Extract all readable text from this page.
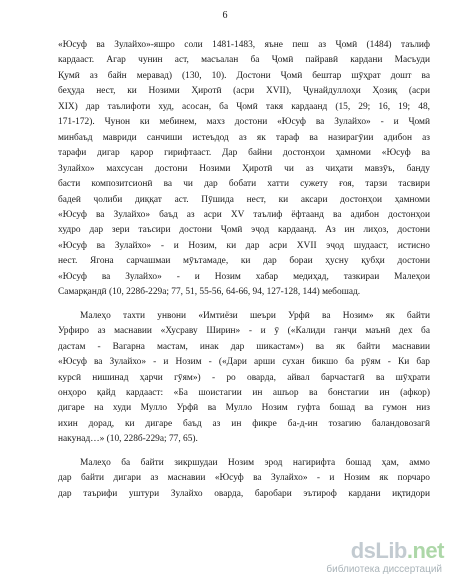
6
«Юсуф ва Зулайхо»-яшро соли 1481-1483, яъне пеш аз Ҷомӣ (1484) таълиф
кардааст. Агар чунин аст, масъалан ба Ҷомӣ пайравӣ кардани Масъуди
Қумӣ аз байн меравад) (130, 10). Достони Ҷомӣ бештар шӯҳрат дошт ва
беҳуда нест, ки Нозими Ҳиротӣ (асри XVII), Ҷунайдуллоҳи Ҳозиқ (асри
XIX) дар таълифоти худ, асосан, ба Ҷомӣ такя кардаанд (15, 29; 16, 19; 48,
171-172). Чунон ки мебинем, махз достони «Юсуф ва Зулайхо» - и Ҷомӣ
минбаъд мавриди санчиши истеъдод аз як тараф ва назирагӯии адибон аз
тарафи дигар қарор гирифтааст. Дар байни достонҳои ҳамноми «Юсуф ва
Зулайхо» махсусан достони Нозими Ҳиротӣ чи аз чиҳати мавзӯъ, банду
басти композитсионӣ ва чи дар бобати хатти сужету ғоя, тарзи тасвири
бадеӣ ҷолиби диққат аст. Пӯшида нест, ки аксари достонҳои ҳамноми
«Юсуф ва Зулайхо» баъд аз асри XV таълиф ёфтаанд ва адибон достонҳои
худро дар зери таъсири достони Ҷомӣ эҷод кардаанд. Аз ин лиҳоз, достони
«Юсуф ва Зулайхо» - и Нозим, ки дар асри XVII эҷод шудааст, истисно
нест. Ягона сарчашмаи мӯътамаде, ки дар бораи ҳусну қубҳи достони
«Юсуф ва Зулайхо» - и Нозим хабар медиҳад, тазкираи Малеҳои
Самарқандӣ (10, 228б-229а; 77, 51, 55-56, 64-66, 94, 127-128, 144) мебошад.
Малеҳо тахти унвони «Имтиёзи шеъри Урфӣ ва Нозим» як байти
Урфиро аз маснавии «Хусраву Ширин» - и ӯ («Калиди ганҷи маънӣ дех ба
дастам - Вагарна мастам, инак дар шикастам») ва як байти маснавии
«Юсуф ва Зулайхо» - и Нозим - («Дари арши сухан бикшо ба рӯям - Ки бар
курсӣ нишинад ҳарчи гӯям») - ро оварда, айвал барчастагӣ ва шӯҳрати
онҳоро қайд кардааст: «Ба шоистагии ин ашъор ва бонстагии ин (афкор)
дигаре на худи Мулло Урфӣ ва Мулло Нозим гуфта бошад ва гумон низ
ихин дорад, ки дигаре баъд аз ин фикре ба-д-ин тозагию баландовозагӣ
накунад…» (10, 228б-229а; 77, 65).
Малеҳо ба байти зикршудаи Нозим эрод нагирифта бошад ҳам, аммо
дар байти дигари аз маснавии «Юсуф ва Зулайхо» - и Нозим як порчаро
дар таърифи уштури Зулайхо оварда, баробари эътироф кардани иқтидори
dsLib.net
библиотека диссертаций
